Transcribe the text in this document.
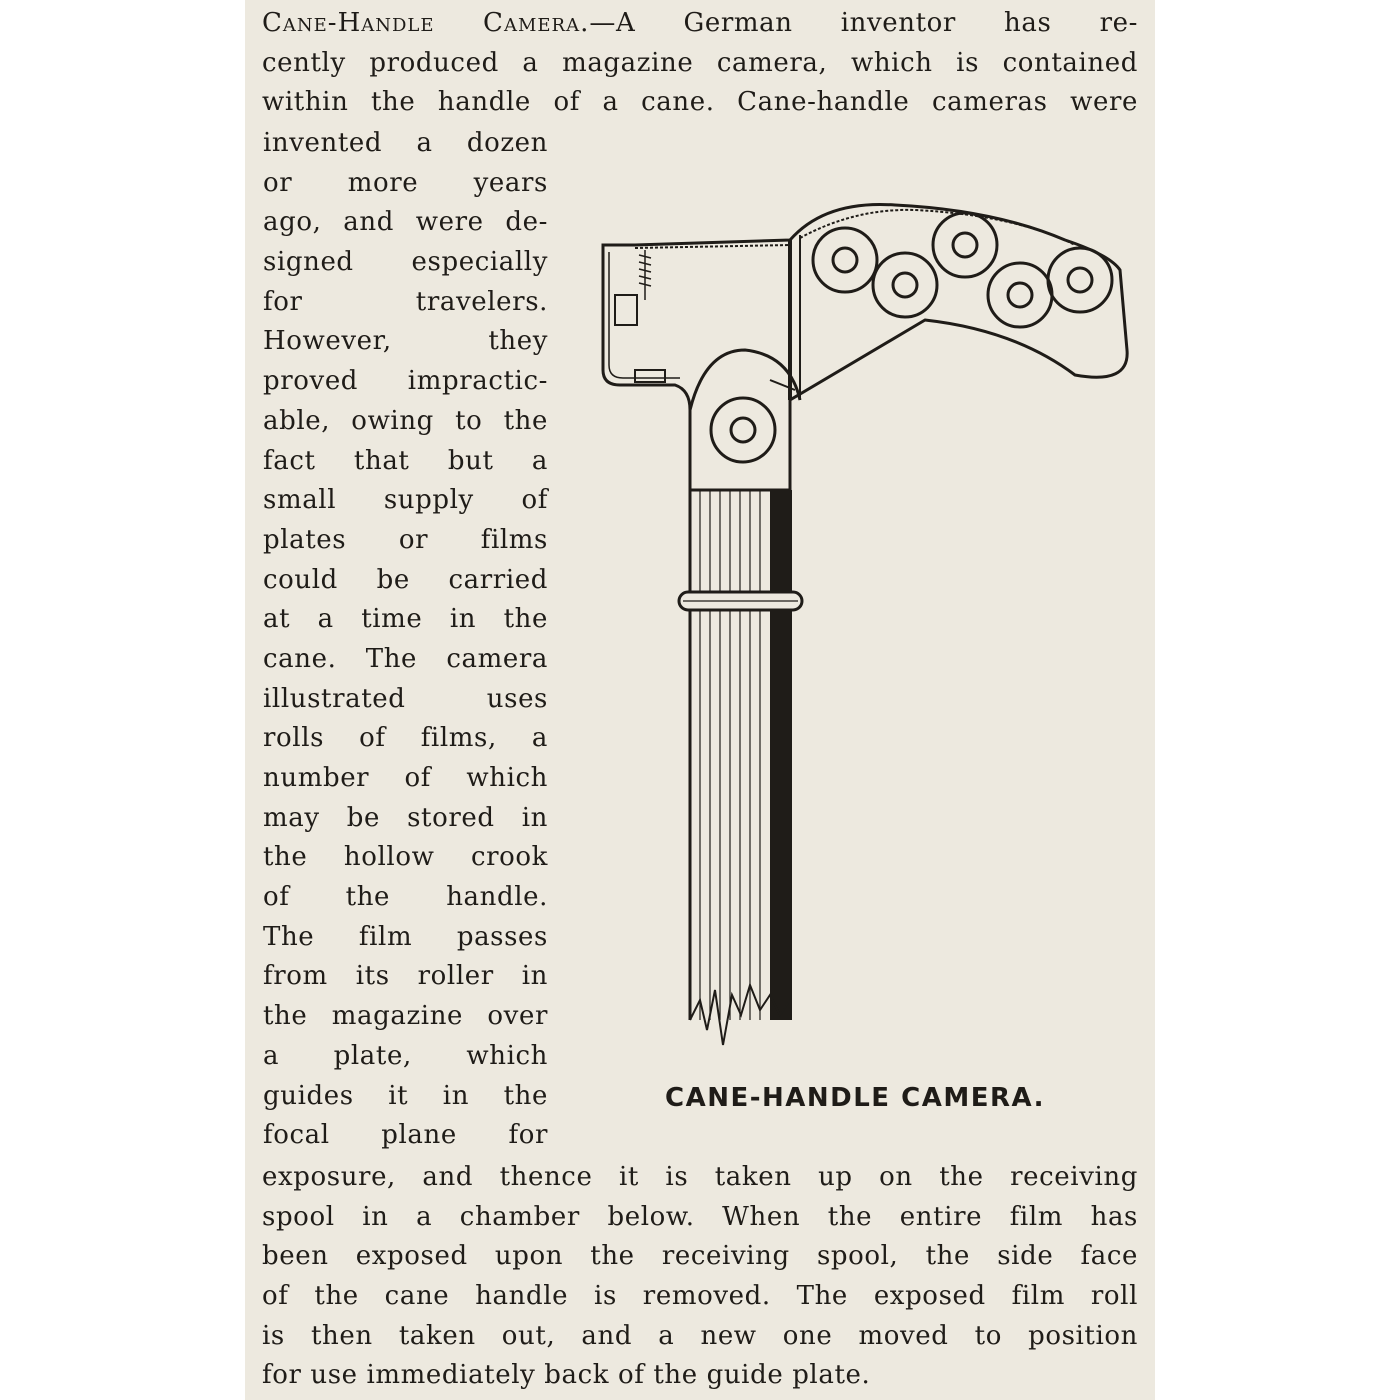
Cane-Handle Camera.—A German inventor has re-
cently produced a magazine camera, which is contained
within the handle of a cane. Cane-handle cameras were
invented a dozen
or more years
ago, and were de-
signed especially
for travelers.
However, they
proved impractic-
able, owing to the
fact that but a
small supply of
plates or films
could be carried
at a time in the
cane. The camera
illustrated uses
rolls of films, a
number of which
may be stored in
the hollow crook
of the handle.
The film passes
from its roller in
the magazine over
a plate, which
guides it in the
focal plane for
CANE-HANDLE CAMERA.
exposure, and thence it is taken up on the receiving
spool in a chamber below. When the entire film has
been exposed upon the receiving spool, the side face
of the cane handle is removed. The exposed film roll
is then taken out, and a new one moved to position
for use immediately back of the guide plate.
